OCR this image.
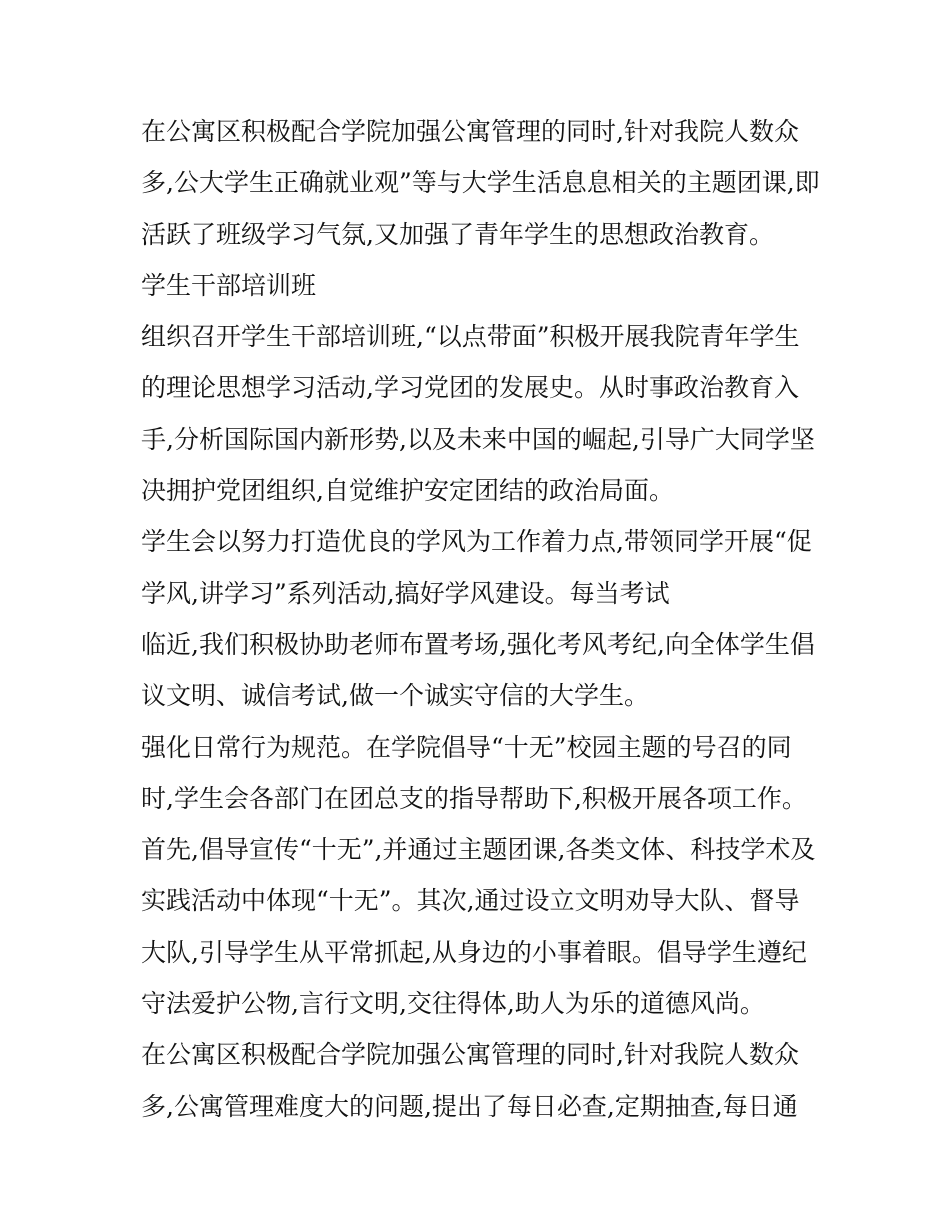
在公寓区积极配合学院加强公寓管理的同时,针对我院人数众
多,公大学生正确就业观”等与大学生活息息相关的主题团课,即
活跃了班级学习气氛,又加强了青年学生的思想政治教育。
学生干部培训班
组织召开学生干部培训班,“以点带面”积极开展我院青年学生
的理论思想学习活动,学习党团的发展史。从时事政治教育入
手,分析国际国内新形势,以及未来中国的崛起,引导广大同学坚
决拥护党团组织,自觉维护安定团结的政治局面。
学生会以努力打造优良的学风为工作着力点,带领同学开展“促
学风,讲学习”系列活动,搞好学风建设。每当考试
临近,我们积极协助老师布置考场,强化考风考纪,向全体学生倡
议文明、诚信考试,做一个诚实守信的大学生。
强化日常行为规范。在学院倡导“十无”校园主题的号召的同
时,学生会各部门在团总支的指导帮助下,积极开展各项工作。
首先,倡导宣传“十无”,并通过主题团课,各类文体、科技学术及
实践活动中体现“十无”。其次,通过设立文明劝导大队、督导
大队,引导学生从平常抓起,从身边的小事着眼。倡导学生遵纪
守法爱护公物,言行文明,交往得体,助人为乐的道德风尚。
在公寓区积极配合学院加强公寓管理的同时,针对我院人数众
多,公寓管理难度大的问题,提出了每日必查,定期抽查,每日通
